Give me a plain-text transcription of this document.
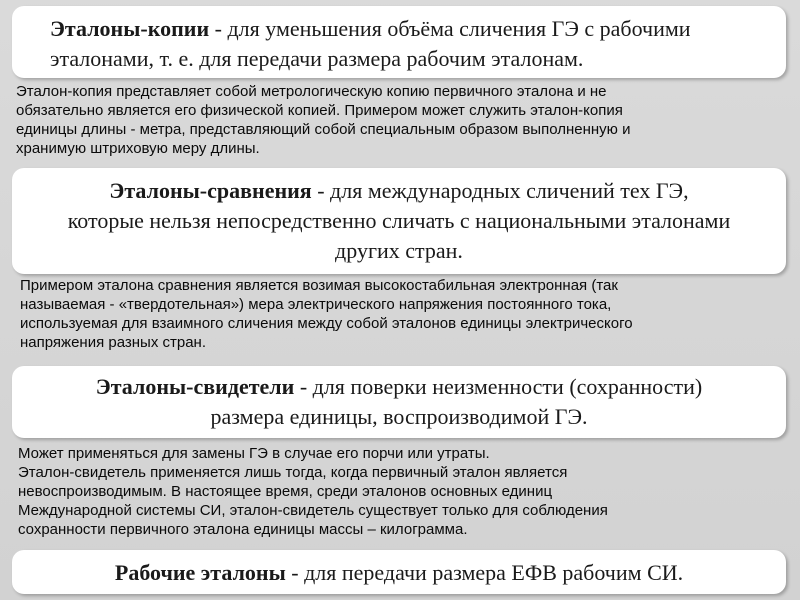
Эталоны-копии - для уменьшения объёма сличения ГЭ с рабочими
эталонами, т. е. для передачи размера рабочим эталонам.
Эталон-копия представляет собой метрологическую копию первичного эталона и не
обязательно является его физической копией. Примером может служить эталон-копия
единицы длины - метра, представляющий собой специальным образом выполненную и
хранимую штриховую меру длины.
Эталоны-сравнения - для международных сличений тех ГЭ,
которые нельзя непосредственно сличать с национальными эталонами
других стран.
Примером эталона сравнения является возимая высокостабильная электронная (так
называемая - «твердотельная») мера электрического напряжения постоянного тока,
используемая для взаимного сличения между собой эталонов единицы электрического
напряжения разных стран.
Эталоны-свидетели - для поверки неизменности (сохранности)
размера единицы, воспроизводимой ГЭ.
Может применяться для замены ГЭ в случае его порчи или утраты.
Эталон-свидетель применяется лишь тогда, когда первичный эталон является
невоспроизводимым. В настоящее время, среди эталонов основных единиц
Международной системы СИ, эталон-свидетель существует только для соблюдения
сохранности первичного эталона единицы массы – килограмма.
Рабочие эталоны - для передачи размера ЕФВ рабочим СИ.
